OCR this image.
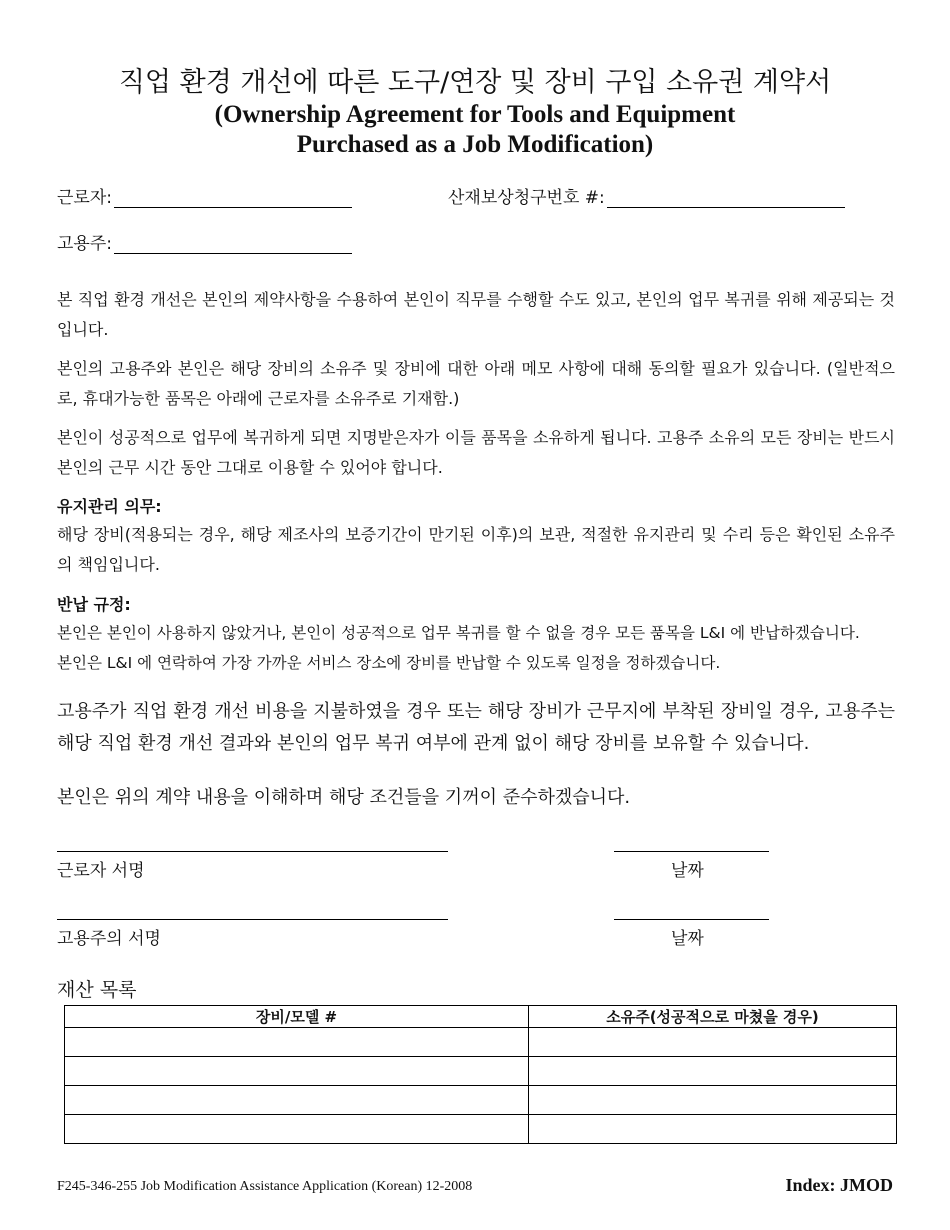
직업 환경 개선에 따른 도구/연장 및 장비 구입 소유권 계약서
(Ownership Agreement for Tools and Equipment
Purchased as a Job Modification)
근로자:	산재보상청구번호 #:
고용주:
본 직업 환경 개선은 본인의 제약사항을 수용하여 본인이 직무를 수행할 수도 있고, 본인의 업무 복귀를 위해 제공되는 것입니다.
본인의 고용주와 본인은 해당 장비의 소유주 및 장비에 대한 아래 메모 사항에 대해 동의할 필요가 있습니다. (일반적으로, 휴대가능한 품목은 아래에 근로자를 소유주로 기재함.)
본인이 성공적으로 업무에 복귀하게 되면 지명받은자가 이들 품목을 소유하게 됩니다. 고용주 소유의 모든 장비는 반드시 본인의 근무 시간 동안 그대로 이용할 수 있어야 합니다.
유지관리 의무:
해당 장비(적용되는 경우, 해당 제조사의 보증기간이 만기된 이후)의 보관, 적절한 유지관리 및 수리 등은 확인된 소유주의 책임입니다.
반납 규정:
본인은 본인이 사용하지 않았거나, 본인이 성공적으로 업무 복귀를 할 수 없을 경우 모든 품목을 L&I 에 반납하겠습니다.
본인은 L&I 에 연락하여 가장 가까운 서비스 장소에 장비를 반납할 수 있도록 일정을 정하겠습니다.
고용주가 직업 환경 개선 비용을 지불하였을 경우 또는 해당 장비가 근무지에 부착된 장비일 경우, 고용주는 해당 직업 환경 개선 결과와 본인의 업무 복귀 여부에 관계 없이 해당 장비를 보유할 수 있습니다.
본인은 위의 계약 내용을 이해하며 해당 조건들을 기꺼이 준수하겠습니다.
근로자 서명	날짜
고용주의 서명	날짜
재산 목록
장비/모델 #	소유주(성공적으로 마쳤을 경우)

F245-346-255 Job Modification Assistance Application (Korean) 12-2008	Index: JMOD
